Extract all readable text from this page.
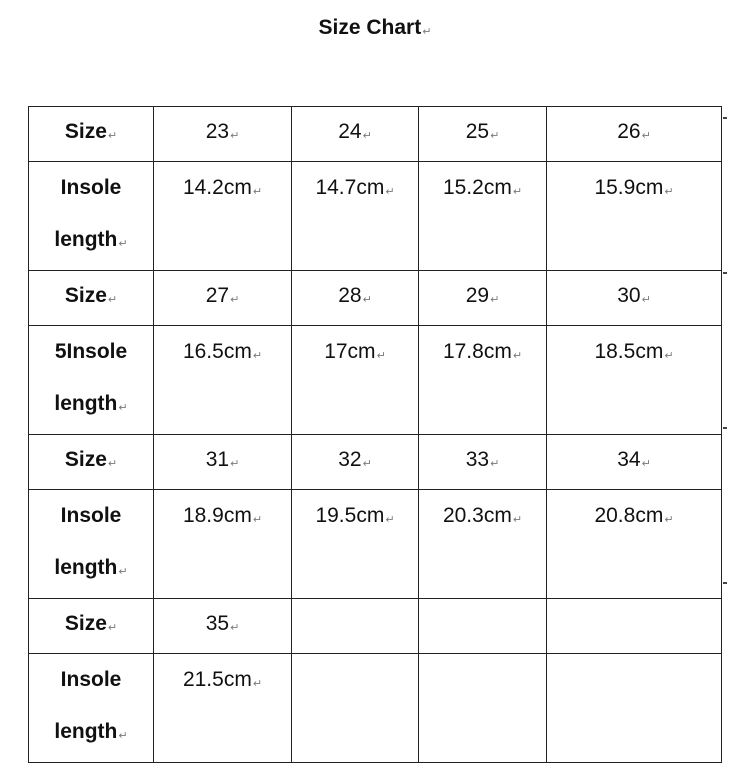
Size Chart↵
Size↵	23↵	24↵	25↵	26↵

Insole
length↵	14.2cm↵	14.7cm↵	15.2cm↵	15.9cm↵

Size↵	27↵	28↵	29↵	30↵

5Insole
length↵	16.5cm↵	17cm↵	17.8cm↵	18.5cm↵

Size↵	31↵	32↵	33↵	34↵

Insole
length↵	18.9cm↵	19.5cm↵	20.3cm↵	20.8cm↵

Size↵	35↵			

Insole
length↵	21.5cm↵			
